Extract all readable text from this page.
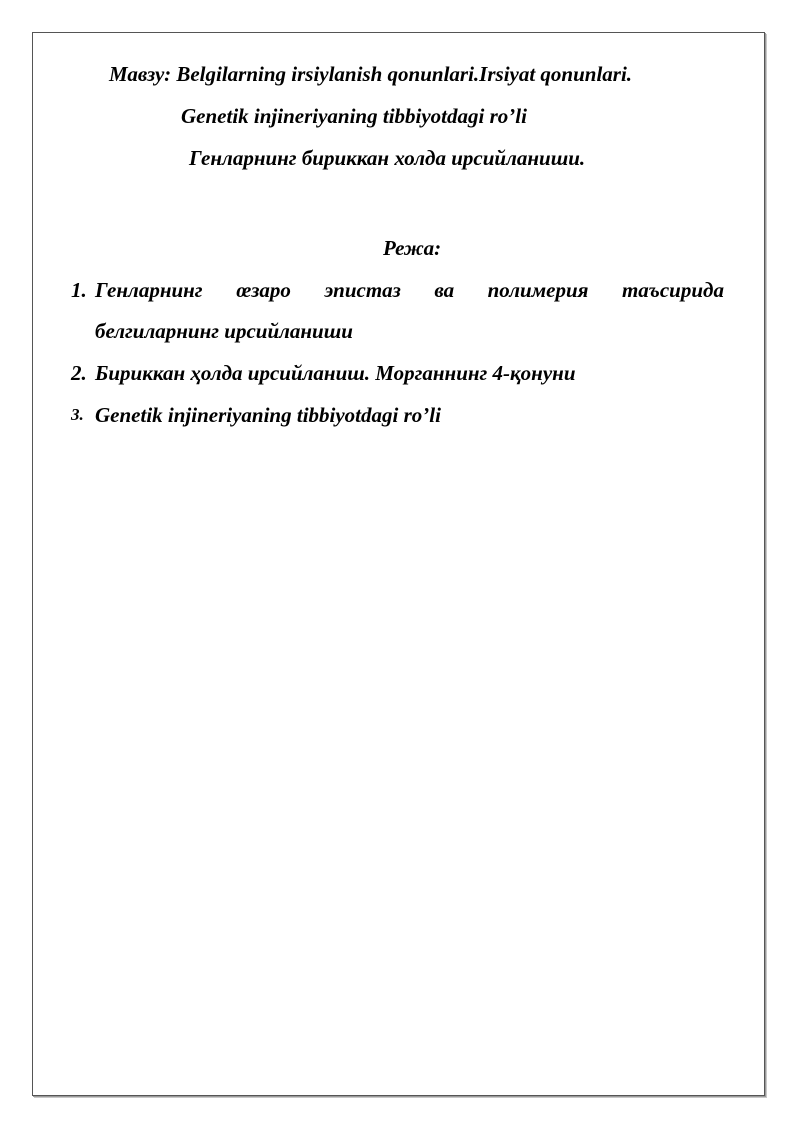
Мавзу: Belgilarning irsiylanish qonunlari.Irsiyat qonunlari.
Genetik injineriyaning tibbiyotdagi ro’li
Генларнинг бириккан холда ирсийланиши.
Режа:
1. Генларнинг œзаро эпистаз ва полимерия таъсирида
белгиларнинг ирсийланиши
2. Бириккан ҳолда ирсийланиш. Морганнинг 4-қонуни
3. Genetik injineriyaning tibbiyotdagi ro’li
